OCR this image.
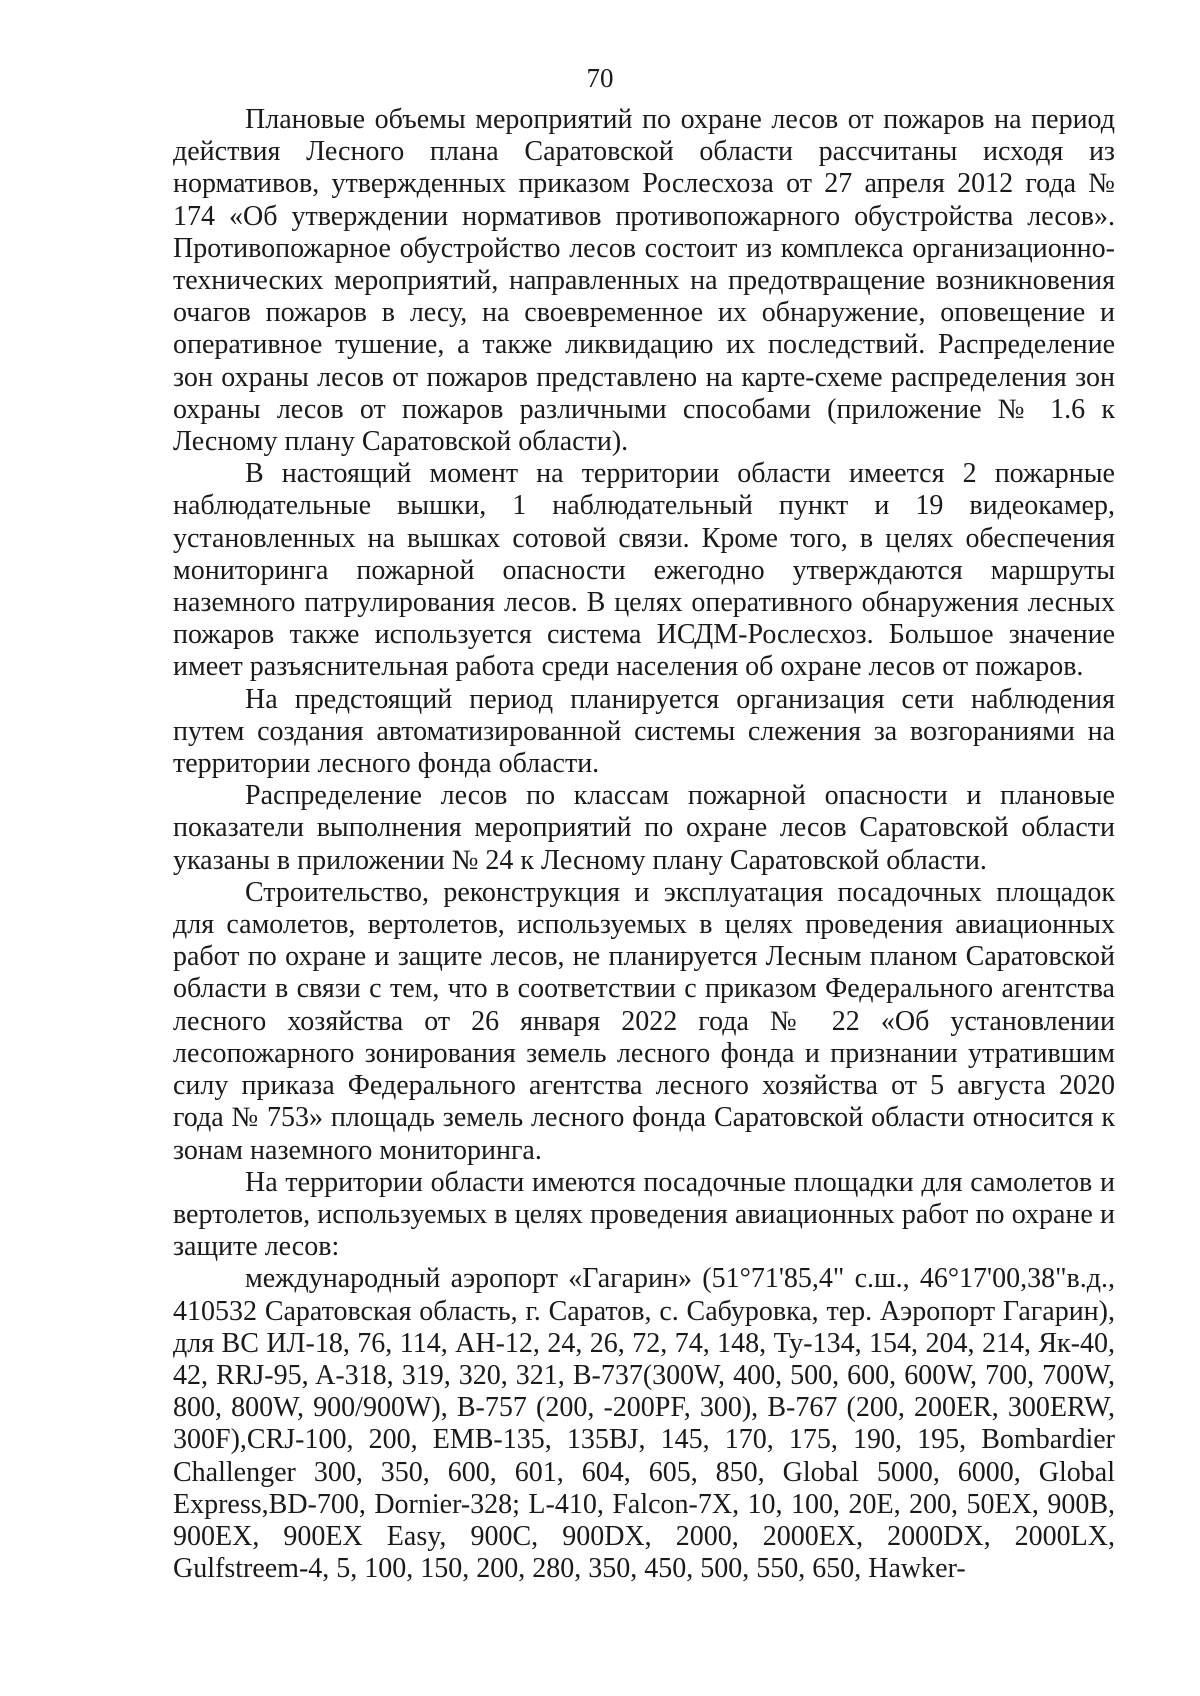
70

Плановые объемы мероприятий по охране лесов от пожаров на период действия Лесного плана Саратовской области рассчитаны исходя из нормативов, утвержденных приказом Рослесхоза от 27 апреля 2012 года № 174 «Об утверждении нормативов противопожарного обустройства лесов». Противопожарное обустройство лесов состоит из комплекса организационно-технических мероприятий, направленных на предотвращение возникновения очагов пожаров в лесу, на своевременное их обнаружение, оповещение и оперативное тушение, а также ликвидацию их последствий. Распределение зон охраны лесов от пожаров представлено на карте-схеме распределения зон охраны лесов от пожаров различными способами (приложение № 1.6 к Лесному плану Саратовской области).

В настоящий момент на территории области имеется 2 пожарные наблюдательные вышки, 1 наблюдательный пункт и 19 видеокамер, установленных на вышках сотовой связи. Кроме того, в целях обеспечения мониторинга пожарной опасности ежегодно утверждаются маршруты наземного патрулирования лесов. В целях оперативного обнаружения лесных пожаров также используется система ИСДМ-Рослесхоз. Большое значение имеет разъяснительная работа среди населения об охране лесов от пожаров.

На предстоящий период планируется организация сети наблюдения путем создания автоматизированной системы слежения за возгораниями на территории лесного фонда области.

Распределение лесов по классам пожарной опасности и плановые показатели выполнения мероприятий по охране лесов Саратовской области указаны в приложении № 24 к Лесному плану Саратовской области.

Строительство, реконструкция и эксплуатация посадочных площадок для самолетов, вертолетов, используемых в целях проведения авиационных работ по охране и защите лесов, не планируется Лесным планом Саратовской области в связи с тем, что в соответствии с приказом Федерального агентства лесного хозяйства от 26 января 2022 года № 22 «Об установлении лесопожарного зонирования земель лесного фонда и признании утратившим силу приказа Федерального агентства лесного хозяйства от 5 августа 2020 года № 753» площадь земель лесного фонда Саратовской области относится к зонам наземного мониторинга.

На территории области имеются посадочные площадки для самолетов и вертолетов, используемых в целях проведения авиационных работ по охране и защите лесов:

международный аэропорт «Гагарин» (51°71'85,4" с.ш., 46°17'00,38"в.д., 410532 Саратовская область, г. Саратов, с. Сабуровка, тер. Аэропорт Гагарин), для ВС ИЛ-18, 76, 114, АН-12, 24, 26, 72, 74, 148, Ту-134, 154, 204, 214, Як-40, 42, RRJ-95, A-318, 319, 320, 321, B-737(300W, 400, 500, 600, 600W, 700, 700W, 800, 800W, 900/900W), B-757 (200, -200PF, 300), B-767 (200, 200ER, 300ERW, 300F),CRJ-100, 200, EMB-135, 135BJ, 145, 170, 175, 190, 195, Bombardier Challenger 300, 350, 600, 601, 604, 605, 850, Global 5000, 6000, Global Express,BD-700, Dornier-328; L-410, Falcon-7X, 10, 100, 20E, 200, 50EX, 900B, 900EX, 900EX Easy, 900C, 900DX, 2000, 2000EX, 2000DX, 2000LX, Gulfstreem-4, 5, 100, 150, 200, 280, 350, 450, 500, 550, 650, Hawker-
